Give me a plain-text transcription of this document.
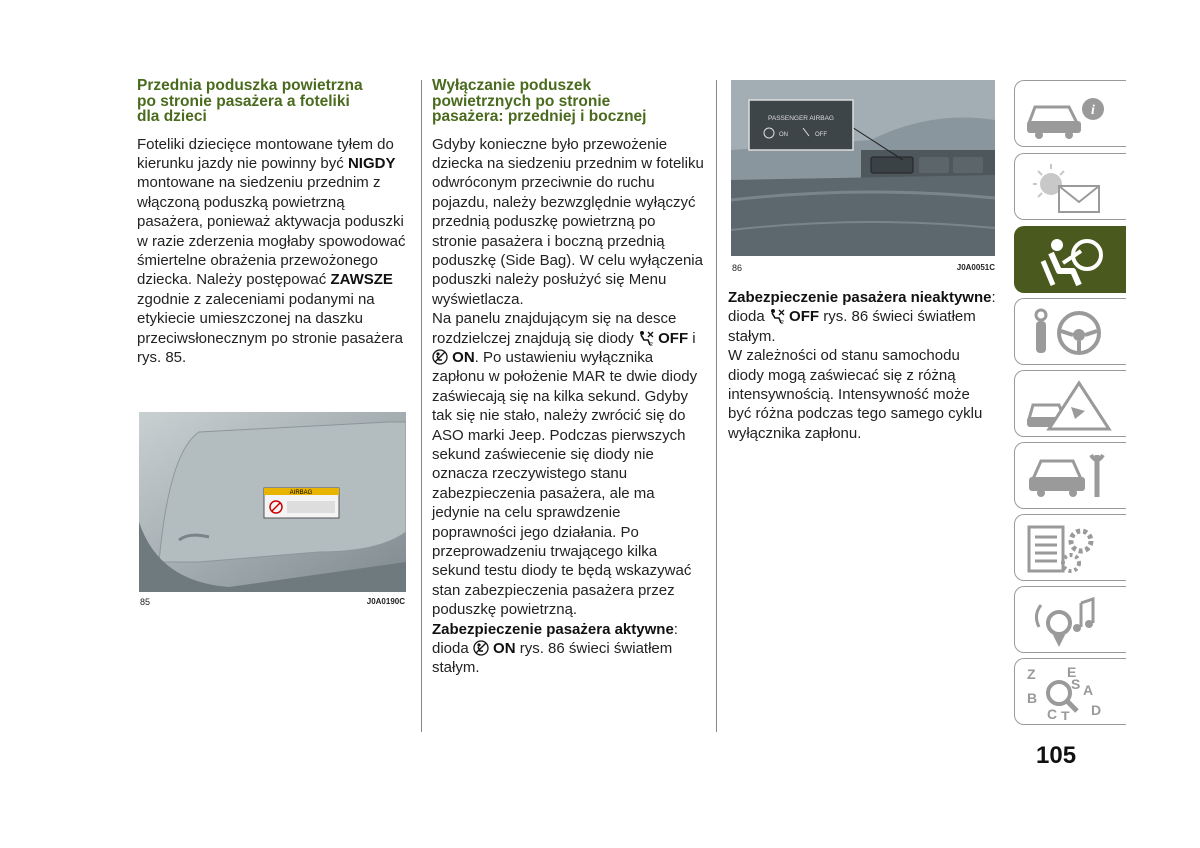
Przednia poduszka powietrzna po stronie pasażera a foteliki dla dzieci

Foteliki dziecięce montowane tyłem do kierunku jazdy nie powinny być NIGDY montowane na siedzeniu przednim z włączoną poduszką powietrzną pasażera, ponieważ aktywacja poduszki w razie zderzenia mogłaby spowodować śmiertelne obrażenia przewożonego dziecka. Należy postępować ZAWSZE zgodnie z zaleceniami podanymi na etykiecie umieszczonej na daszku przeciwsłonecznym po stronie pasażera rys. 85.

AIRBAG
85	J0A0190C
Wyłączanie poduszek powietrznych po stronie pasażera: przedniej i bocznej

Gdyby konieczne było przewożenie dziecka na siedzeniu przednim w foteliku odwróconym przeciwnie do ruchu pojazdu, należy bezwzględnie wyłączyć przednią poduszkę powietrzną po stronie pasażera i boczną przednią poduszkę (Side Bag). W celu wyłączenia poduszki należy posłużyć się Menu wyświetlacza.

Na panelu znajdującym się na desce rozdzielczej znajdują się diody 2 OFF i  ON. Po ustawieniu wyłącznika zapłonu w położenie MAR te dwie diody zaświecają się na kilka sekund. Gdyby tak się nie stało, należy zwrócić się do ASO marki Jeep. Podczas pierwszych sekund zaświecenie się diody nie oznacza rzeczywistego stanu zabezpieczenia pasażera, ale ma jedynie na celu sprawdzenie poprawności jego działania. Po przeprowadzeniu trwającego kilka sekund testu diody te będą wskazywać stan zabezpieczenia pasażera przez poduszkę powietrzną.

Zabezpieczenie pasażera aktywne: dioda  ON rys. 86 świeci światłem stałym.

PASSENGER AIRBAG
ON	OFF
86	J0A0051C

Zabezpieczenie pasażera nieaktywne: dioda 2 OFF rys. 86 świeci światłem stałym.

W zależności od stanu samochodu diody mogą zaświecać się z różną intensywnością. Intensywność może być różna podczas tego samego cyklu wyłącznika zapłonu.

i
Z E
B	A
C T D
S
105
